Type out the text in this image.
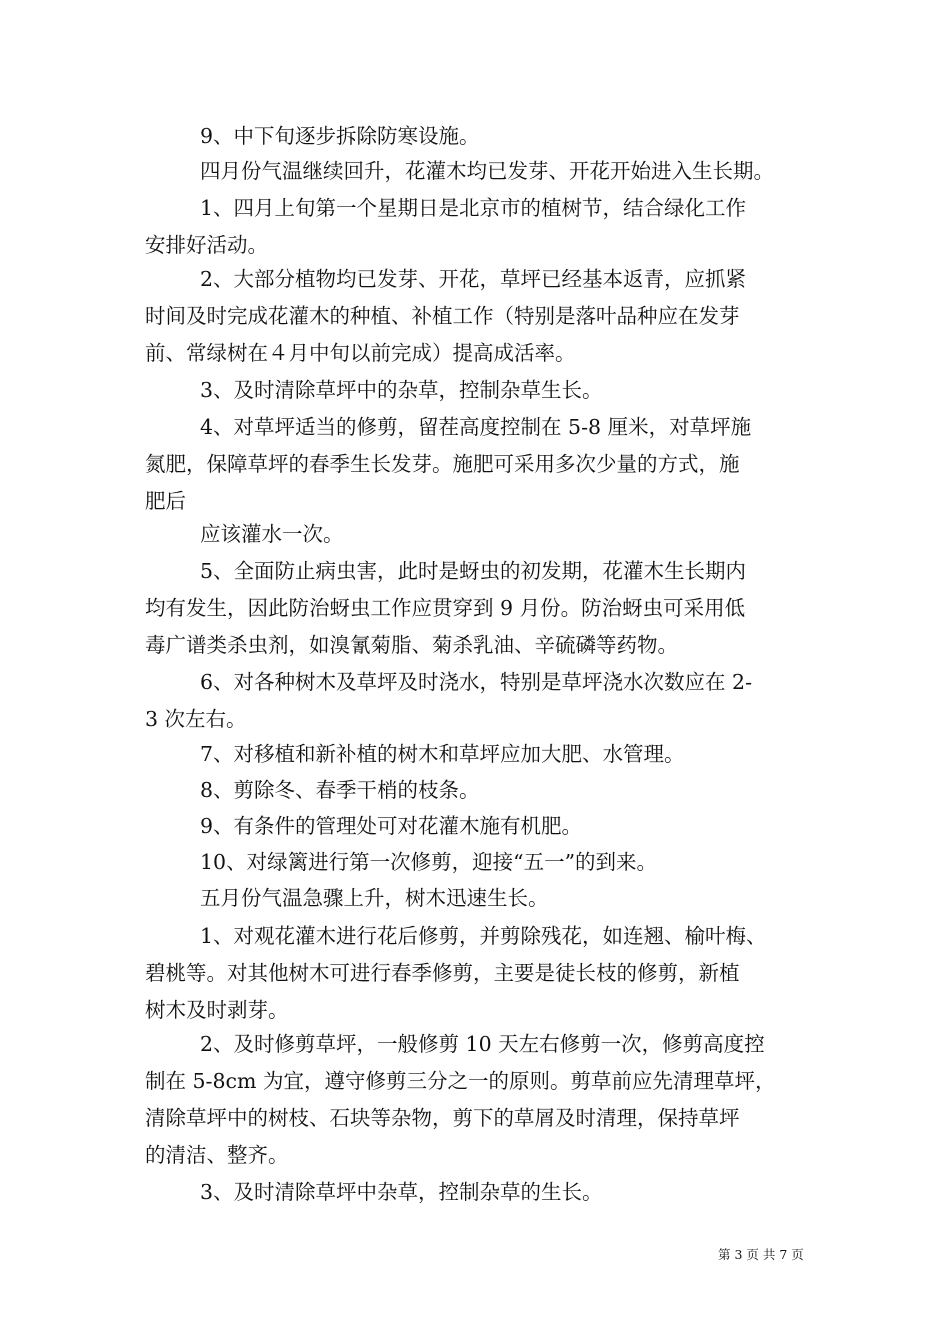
9、中下旬逐步拆除防寒设施。
四月份气温继续回升，花灌木均已发芽、开花开始进入生长期。
1、四月上旬第一个星期日是北京市的植树节，结合绿化工作
安排好活动。
2、大部分植物均已发芽、开花，草坪已经基本返青，应抓紧
时间及时完成花灌木的种植、补植工作（特别是落叶品种应在发芽
前、常绿树在４月中旬以前完成）提高成活率。
3、及时清除草坪中的杂草，控制杂草生长。
4、对草坪适当的修剪，留茬高度控制在 5-8 厘米，对草坪施
氮肥，保障草坪的春季生长发芽。施肥可采用多次少量的方式，施
肥后
应该灌水一次。
5、全面防止病虫害，此时是蚜虫的初发期，花灌木生长期内
均有发生，因此防治蚜虫工作应贯穿到 9 月份。防治蚜虫可采用低
毒广谱类杀虫剂，如溴氰菊脂、菊杀乳油、辛硫磷等药物。
6、对各种树木及草坪及时浇水，特别是草坪浇水次数应在 2-
3 次左右。
7、对移植和新补植的树木和草坪应加大肥、水管理。
8、剪除冬、春季干梢的枝条。
9、有条件的管理处可对花灌木施有机肥。
10、对绿篱进行第一次修剪，迎接“五一”的到来。
五月份气温急骤上升，树木迅速生长。
1、对观花灌木进行花后修剪，并剪除残花，如连翘、榆叶梅、
碧桃等。对其他树木可进行春季修剪，主要是徒长枝的修剪，新植
树木及时剥芽。
2、及时修剪草坪，一般修剪 10 天左右修剪一次，修剪高度控
制在 5-8cm 为宜，遵守修剪三分之一的原则。剪草前应先清理草坪，
清除草坪中的树枝、石块等杂物，剪下的草屑及时清理，保持草坪
的清洁、整齐。
3、及时清除草坪中杂草，控制杂草的生长。
第 3 页 共 7 页
